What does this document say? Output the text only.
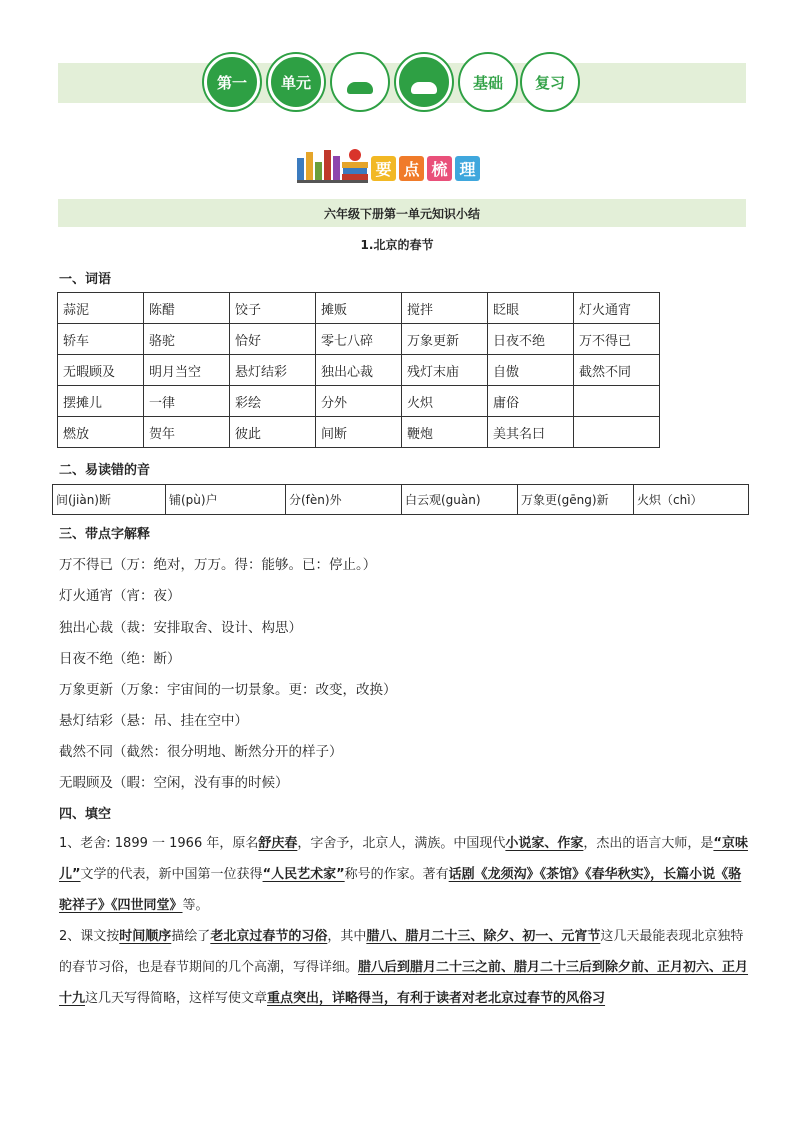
第一	单元	基础	复习
要 点 梳 理
六年级下册第一单元知识小结
1.北京的春节
一、词语
蒜泥	陈醋	饺子	摊贩	搅拌	眨眼	灯火通宵
轿车	骆驼	恰好	零七八碎	万象更新	日夜不绝	万不得已
无暇顾及	明月当空	悬灯结彩	独出心裁	残灯末庙	自傲	截然不同
摆摊儿	一律	彩绘	分外	火炽	庸俗	
燃放	贺年	彼此	间断	鞭炮	美其名曰	
二、易读错的音
间(jiàn)断	铺(pù)户	分(fèn)外	白云观(guàn)	万象更(gēng)新	火炽（chì）
三、带点字解释
万不得已（万：绝对，万万。得：能够。已：停止。）
灯火通宵（宵：夜）
独出心裁（裁：安排取舍、设计、构思）
日夜不绝（绝：断）
万象更新（万象：宇宙间的一切景象。更：改变，改换）
悬灯结彩（悬：吊、挂在空中）
截然不同（截然：很分明地、断然分开的样子）
无暇顾及（暇：空闲，没有事的时候）
四、填空
1、老舍: 1899 一 1966 年，原名舒庆春，字舍予，北京人，满族。中国现代小说家、作家，杰出的语言大师，是“京味儿”文学的代表，新中国第一位获得“人民艺术家”称号的作家。著有话剧《龙须沟》《茶馆》《春华秋实》，长篇小说《骆驼祥子》《四世同堂》等。
2、课文按时间顺序描绘了老北京过春节的习俗，其中腊八、腊月二十三、除夕、初一、元宵节这几天最能表现北京独特的春节习俗，也是春节期间的几个高潮，写得详细。腊八后到腊月二十三之前、腊月二十三后到除夕前、正月初六、正月十九这几天写得简略，这样写使文章重点突出，详略得当，有利于读者对老北京过春节的风俗习
